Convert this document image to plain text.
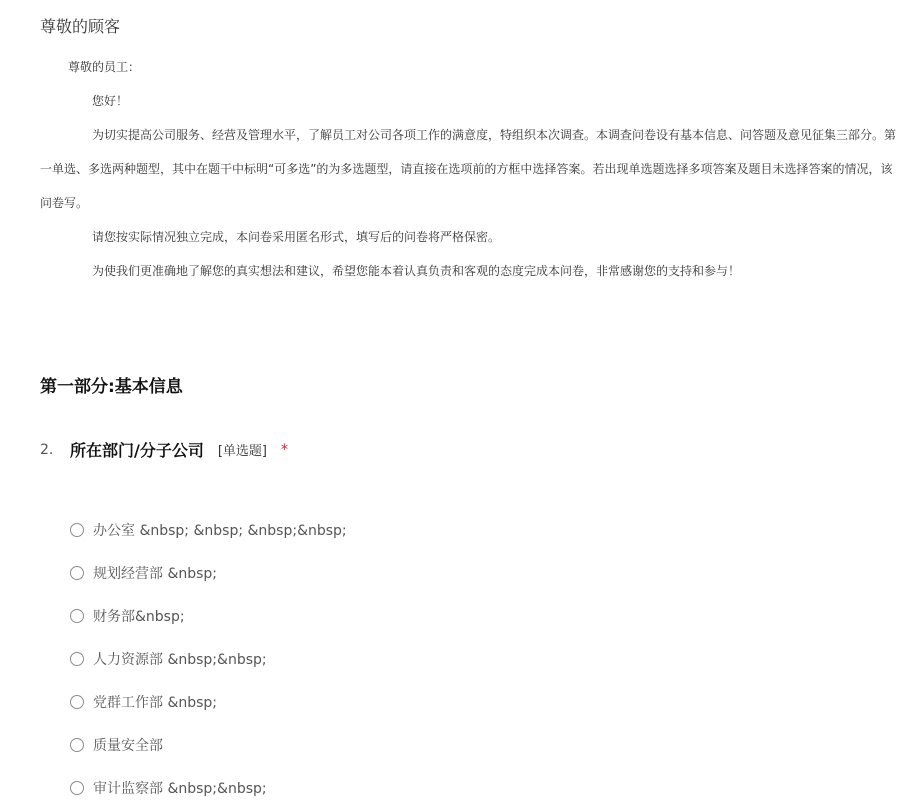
尊敬的顾客

尊敬的员工：

您好！

为切实提高公司服务、经营及管理水平，了解员工对公司各项工作的满意度，特组织本次调查。本调查问卷设有基本信息、问答题及意见征集三部分。第一单选、多选两种题型，其中在题干中标明“可多选”的为多选题型，请直接在选项前的方框中选择答案。若出现单选题选择多项答案及题目未选择答案的情况，该问卷写。

请您按实际情况独立完成，本问卷采用匿名形式，填写后的问卷将严格保密。

为使我们更准确地了解您的真实想法和建议，希望您能本着认真负责和客观的态度完成本问卷，非常感谢您的支持和参与！

第一部分:基本信息
2.	所在部门/分子公司 [单选题] *
办公室 &nbsp; &nbsp; &nbsp;&nbsp;
规划经营部 &nbsp;
财务部&nbsp;
人力资源部 &nbsp;&nbsp;
党群工作部 &nbsp;
质量安全部
审计监察部 &nbsp;&nbsp;
